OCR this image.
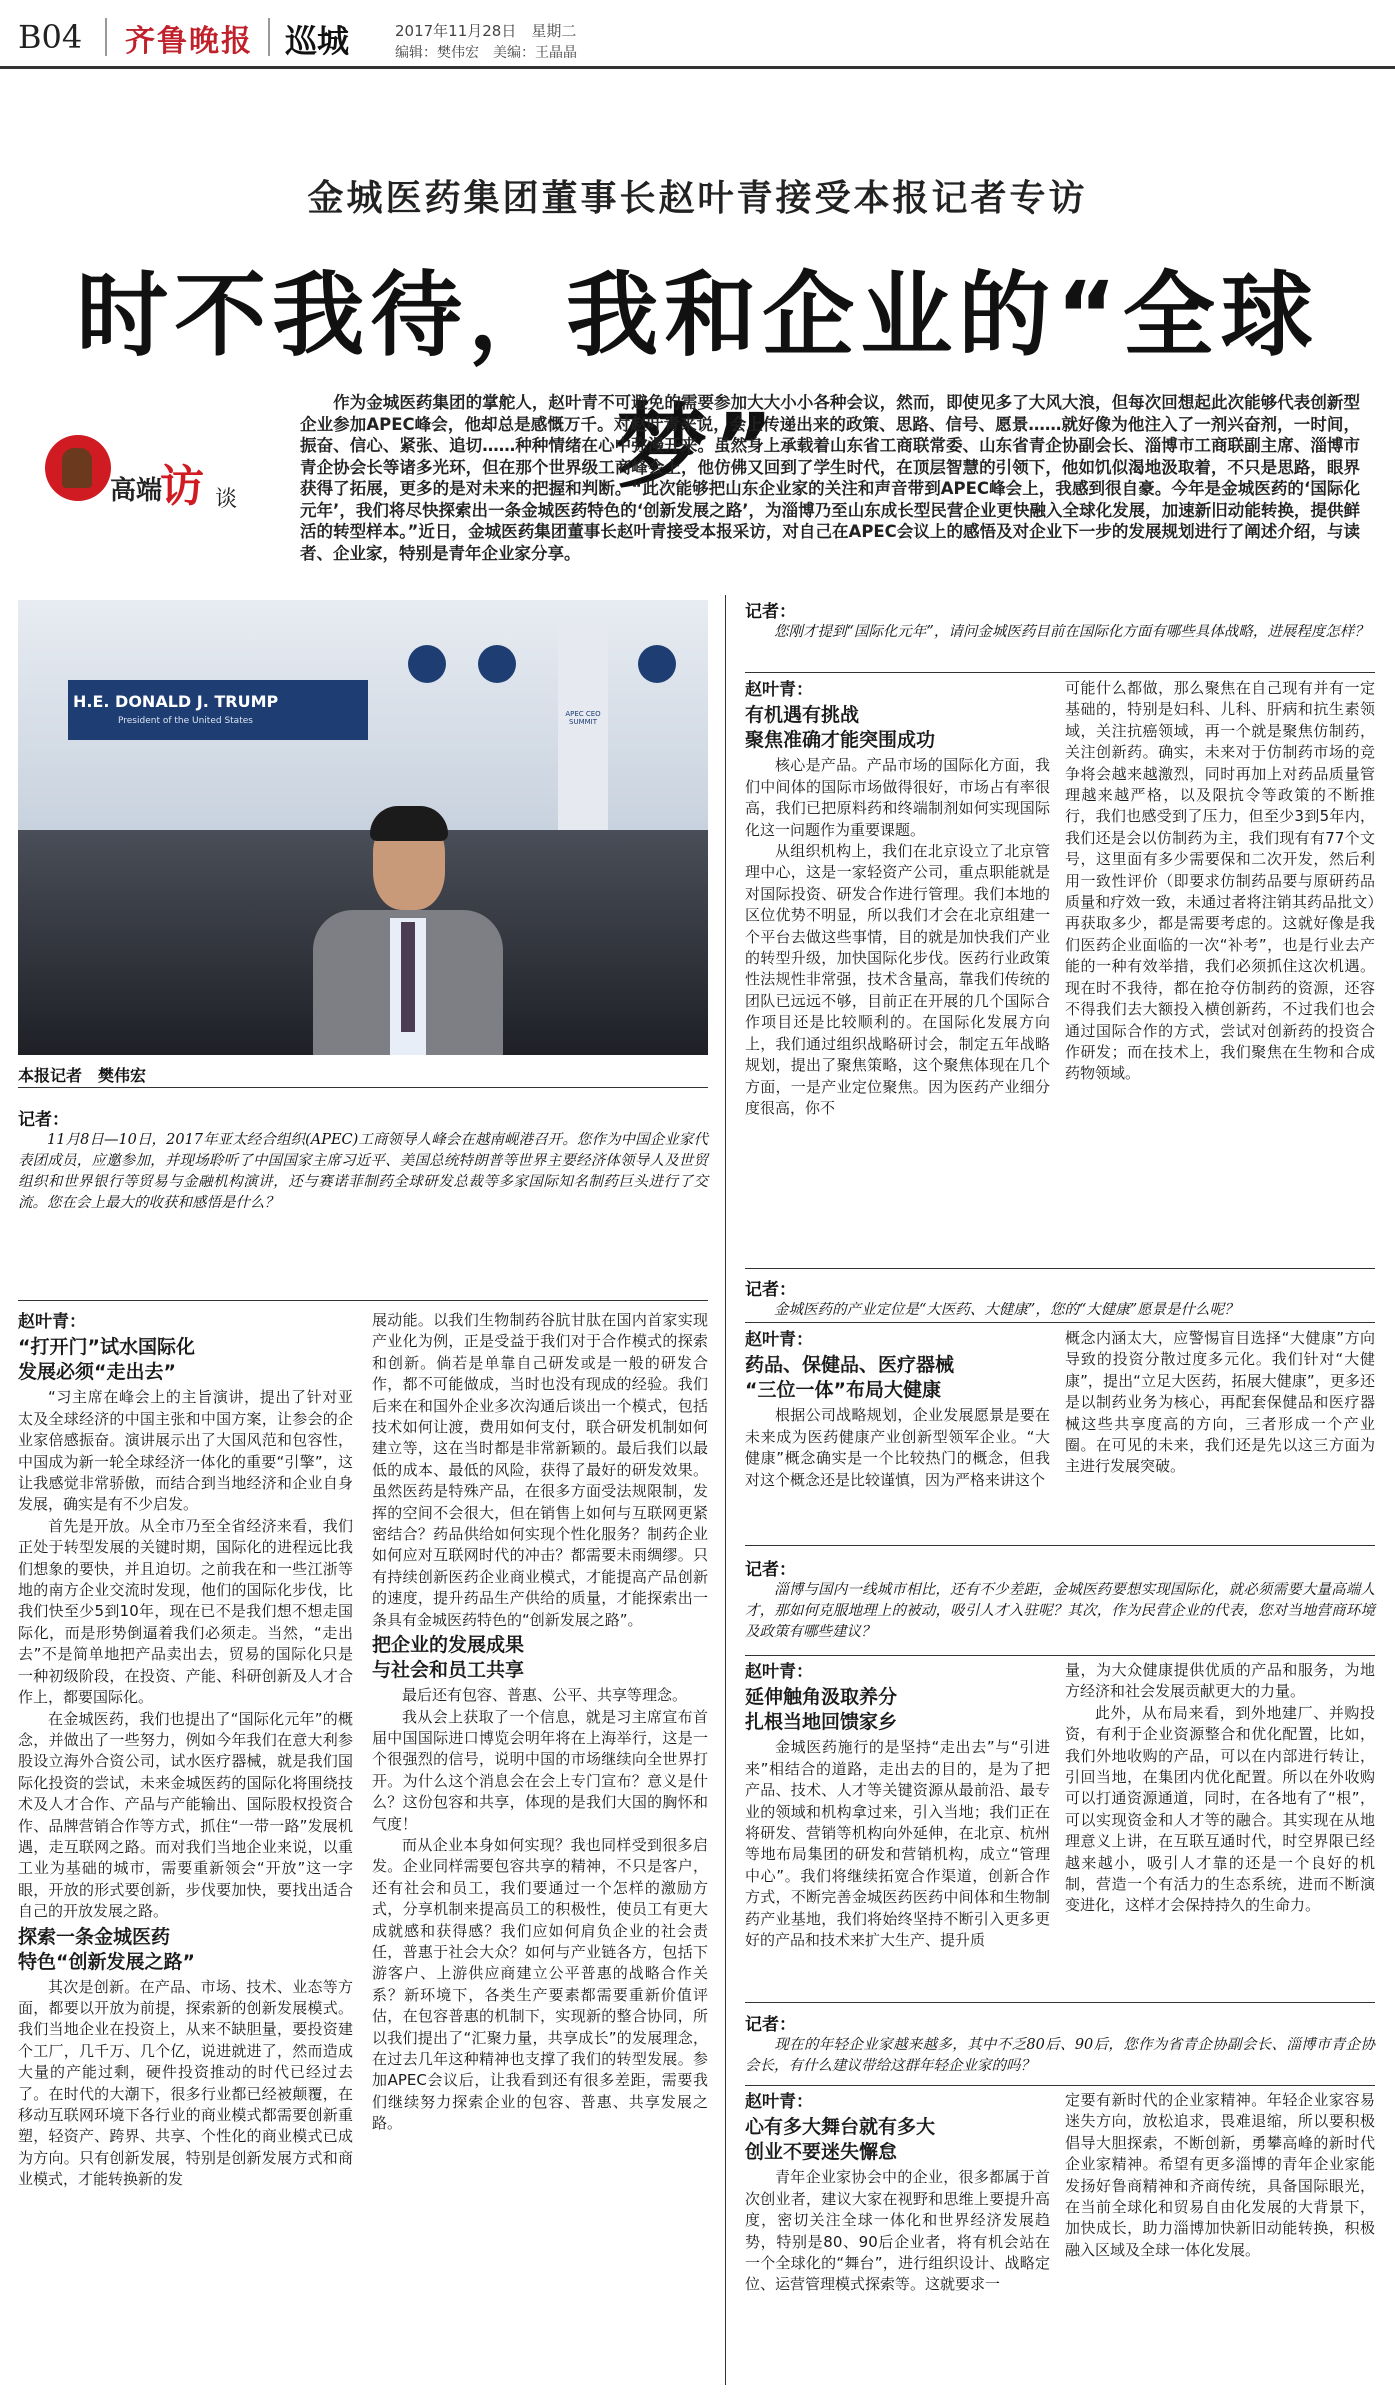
B04 齐鲁晚报 巡城	2017年11月28日　星期二
编辑：樊伟宏　美编：王晶晶
金城医药集团董事长赵叶青接受本报记者专访
时不我待，我和企业的“全球梦”
高端
访 谈
作为金城医药集团的掌舵人，赵叶青不可避免的需要参加大大小小各种会议，然而，即使见多了大风大浪，但每次回想起此次能够代表创新型企业参加APEC峰会，他却总是感慨万千。对赵叶青来说，会上传递出来的政策、思路、信号、愿景……就好像为他注入了一剂兴奋剂，一时间，振奋、信心、紧张、追切……种种情绪在心中弥漫开来。虽然身上承载着山东省工商联常委、山东省青企协副会长、淄博市工商联副主席、淄博市青企协会长等诸多光环，但在那个世界级工商峰会上，他仿佛又回到了学生时代，在顶层智慧的引领下，他如饥似渴地汲取着，不只是思路，眼界获得了拓展，更多的是对未来的把握和判断。“此次能够把山东企业家的关注和声音带到APEC峰会上，我感到很自豪。今年是金城医药的‘国际化元年’，我们将尽快探索出一条金城医药特色的‘创新发展之路’，为淄博乃至山东成长型民营企业更快融入全球化发展，加速新旧动能转换，提供鲜活的转型样本。”近日，金城医药集团董事长赵叶青接受本报采访，对自己在APEC会议上的感悟及对企业下一步的发展规划进行了阐述介绍，与读者、企业家，特别是青年企业家分享。
H.E. DONALD J. TRUMP
President of the United States
APEC CEO SUMMIT
本报记者　樊伟宏
记者：
11月8日—10日，2017年亚太经合组织(APEC)工商领导人峰会在越南岘港召开。您作为中国企业家代表团成员，应邀参加，并现场聆听了中国国家主席习近平、美国总统特朗普等世界主要经济体领导人及世贸组织和世界银行等贸易与金融机构演讲，还与赛诺菲制药全球研发总裁等多家国际知名制药巨头进行了交流。您在会上最大的收获和感悟是什么？
赵叶青：
“打开门”试水国际化
发展必须“走出去”

“习主席在峰会上的主旨演讲，提出了针对亚太及全球经济的中国主张和中国方案，让参会的企业家倍感振奋。演讲展示出了大国风范和包容性，中国成为新一轮全球经济一体化的重要“引擎”，这让我感觉非常骄傲，而结合到当地经济和企业自身发展，确实是有不少启发。

首先是开放。从全市乃至全省经济来看，我们正处于转型发展的关键时期，国际化的进程远比我们想象的要快，并且迫切。之前我在和一些江浙等地的南方企业交流时发现，他们的国际化步伐，比我们快至少5到10年，现在已不是我们想不想走国际化，而是形势倒逼着我们必须走。当然，“走出去”不是简单地把产品卖出去，贸易的国际化只是一种初级阶段，在投资、产能、科研创新及人才合作上，都要国际化。

在金城医药，我们也提出了“国际化元年”的概念，并做出了一些努力，例如今年我们在意大利参股设立海外合资公司，试水医疗器械，就是我们国际化投资的尝试，未来金城医药的国际化将围绕技术及人才合作、产品与产能输出、国际股权投资合作、品牌营销合作等方式，抓住“一带一路”发展机遇，走互联网之路。而对我们当地企业来说，以重工业为基础的城市，需要重新领会“开放”这一字眼，开放的形式要创新，步伐要加快，要找出适合自己的开放发展之路。

探索一条金城医药
特色“创新发展之路”

其次是创新。在产品、市场、技术、业态等方面，都要以开放为前提，探索新的创新发展模式。我们当地企业在投资上，从来不缺胆量，要投资建个工厂，几千万、几个亿，说进就进了，然而造成大量的产能过剩，硬件投资推动的时代已经过去了。在时代的大潮下，很多行业都已经被颠覆，在移动互联网环境下各行业的商业模式都需要创新重塑，轻资产、跨界、共享、个性化的商业模式已成为方向。只有创新发展，特别是创新发展方式和商业模式，才能转换新的发

展动能。以我们生物制药谷肮甘肽在国内首家实现产业化为例，正是受益于我们对于合作模式的探索和创新。倘若是单靠自己研发或是一般的研发合作，都不可能做成，当时也没有现成的经验。我们后来在和国外企业多次沟通后谈出一个模式，包括技术如何让渡，费用如何支付，联合研发机制如何建立等，这在当时都是非常新颖的。最后我们以最低的成本、最低的风险，获得了最好的研发效果。虽然医药是特殊产品，在很多方面受法规限制，发挥的空间不会很大，但在销售上如何与互联网更紧密结合？药品供给如何实现个性化服务？制药企业如何应对互联网时代的冲击？都需要未雨绸缪。只有持续创新医药企业商业模式，才能提高产品创新的速度，提升药品生产供给的质量，才能探索出一条具有金城医药特色的“创新发展之路”。

把企业的发展成果
与社会和员工共享

最后还有包容、普惠、公平、共享等理念。

我从会上获取了一个信息，就是习主席宣布首届中国国际进口博览会明年将在上海举行，这是一个很强烈的信号，说明中国的市场继续向全世界打开。为什么这个消息会在会上专门宣布？意义是什么？这份包容和共享，体现的是我们大国的胸怀和气度！

而从企业本身如何实现？我也同样受到很多启发。企业同样需要包容共享的精神，不只是客户，还有社会和员工，我们要通过一个怎样的激励方式，分享机制来提高员工的积极性，使员工有更大成就感和获得感？我们应如何肩负企业的社会责任，普惠于社会大众？如何与产业链各方，包括下游客户、上游供应商建立公平普惠的战略合作关系？新环境下，各类生产要素都需要重新价值评估，在包容普惠的机制下，实现新的整合协同，所以我们提出了“汇聚力量，共享成长”的发展理念，在过去几年这种精神也支撑了我们的转型发展。参加APEC会议后，让我看到还有很多差距，需要我们继续努力探索企业的包容、普惠、共享发展之路。

记者：
您刚才提到“国际化元年”，请问金城医药目前在国际化方面有哪些具体战略，进展程度怎样？
赵叶青：
有机遇有挑战
聚焦准确才能突围成功

核心是产品。产品市场的国际化方面，我们中间体的国际市场做得很好，市场占有率很高，我们已把原料药和终端制剂如何实现国际化这一问题作为重要课题。

从组织机构上，我们在北京设立了北京管理中心，这是一家轻资产公司，重点职能就是对国际投资、研发合作进行管理。我们本地的区位优势不明显，所以我们才会在北京组建一个平台去做这些事情，目的就是加快我们产业的转型升级，加快国际化步伐。医药行业政策性法规性非常强，技术含量高，靠我们传统的团队已远远不够，目前正在开展的几个国际合作项目还是比较顺利的。在国际化发展方向上，我们通过组织战略研讨会，制定五年战略规划，提出了聚焦策略，这个聚焦体现在几个方面，一是产业定位聚焦。因为医药产业细分度很高，你不

可能什么都做，那么聚焦在自己现有并有一定基础的，特别是妇科、儿科、肝病和抗生素领域，关注抗癌领域，再一个就是聚焦仿制药，关注创新药。确实，未来对于仿制药市场的竞争将会越来越激烈，同时再加上对药品质量管理越来越严格，以及限抗令等政策的不断推行，我们也感受到了压力，但至少3到5年内，我们还是会以仿制药为主，我们现有有77个文号，这里面有多少需要保和二次开发，然后利用一致性评价（即要求仿制药品要与原研药品质量和疗效一致，未通过者将注销其药品批文）再获取多少，都是需要考虑的。这就好像是我们医药企业面临的一次“补考”，也是行业去产能的一种有效举措，我们必须抓住这次机遇。现在时不我待，都在抢夺仿制药的资源，还容不得我们去大额投入横创新药，不过我们也会通过国际合作的方式，尝试对创新药的投资合作研发；而在技术上，我们聚焦在生物和合成药物领域。

记者：
金城医药的产业定位是“大医药、大健康”，您的“大健康”愿景是什么呢？
赵叶青：
药品、保健品、医疗器械
“三位一体”布局大健康

根据公司战略规划，企业发展愿景是要在未来成为医药健康产业创新型领军企业。“大健康”概念确实是一个比较热门的概念，但我对这个概念还是比较谨慎，因为严格来讲这个

概念内涵太大，应警惕盲目选择“大健康”方向导致的投资分散过度多元化。我们针对“大健康”，提出“立足大医药，拓展大健康”，更多还是以制药业务为核心，再配套保健品和医疗器械这些共享度高的方向，三者形成一个产业圈。在可见的未来，我们还是先以这三方面为主进行发展突破。

记者：
淄博与国内一线城市相比，还有不少差距，金城医药要想实现国际化，就必须需要大量高端人才，那如何克服地理上的被动，吸引人才入驻呢？其次，作为民营企业的代表，您对当地营商环境及政策有哪些建议？
赵叶青：
延伸触角汲取养分
扎根当地回馈家乡

金城医药施行的是坚持“走出去”与“引进来”相结合的道路，走出去的目的，是为了把产品、技术、人才等关键资源从最前沿、最专业的领域和机构拿过来，引入当地；我们正在将研发、营销等机构向外延伸，在北京、杭州等地布局集团的研发和营销机构，成立“管理中心”。我们将继续拓宽合作渠道，创新合作方式，不断完善金城医药医药中间体和生物制药产业基地，我们将始终坚持不断引入更多更好的产品和技术来扩大生产、提升质

量，为大众健康提供优质的产品和服务，为地方经济和社会发展贡献更大的力量。

此外，从布局来看，到外地建厂、并购投资，有利于企业资源整合和优化配置，比如，我们外地收购的产品，可以在内部进行转让，引回当地，在集团内优化配置。所以在外收购可以打通资源通道，同时，在各地有了“根”，可以实现资金和人才等的融合。其实现在从地理意义上讲，在互联互通时代，时空界限已经越来越小，吸引人才靠的还是一个良好的机制，营造一个有活力的生态系统，进而不断演变进化，这样才会保持持久的生命力。

记者：
现在的年轻企业家越来越多，其中不乏80后、90后，您作为省青企协副会长、淄博市青企协会长，有什么建议带给这群年轻企业家的吗？
赵叶青：
心有多大舞台就有多大
创业不要迷失懈怠

青年企业家协会中的企业，很多都属于首次创业者，建议大家在视野和思维上要提升高度，密切关注全球一体化和世界经济发展趋势，特别是80、90后企业者，将有机会站在一个全球化的“舞台”，进行组织设计、战略定位、运营管理模式探索等。这就要求一

定要有新时代的企业家精神。年轻企业家容易迷失方向，放松追求，畏难退缩，所以要积极倡导大胆探索，不断创新，勇攀高峰的新时代企业家精神。希望有更多淄博的青年企业家能发扬好鲁商精神和齐商传统，具备国际眼光，在当前全球化和贸易自由化发展的大背景下，加快成长，助力淄博加快新旧动能转换，积极融入区域及全球一体化发展。
